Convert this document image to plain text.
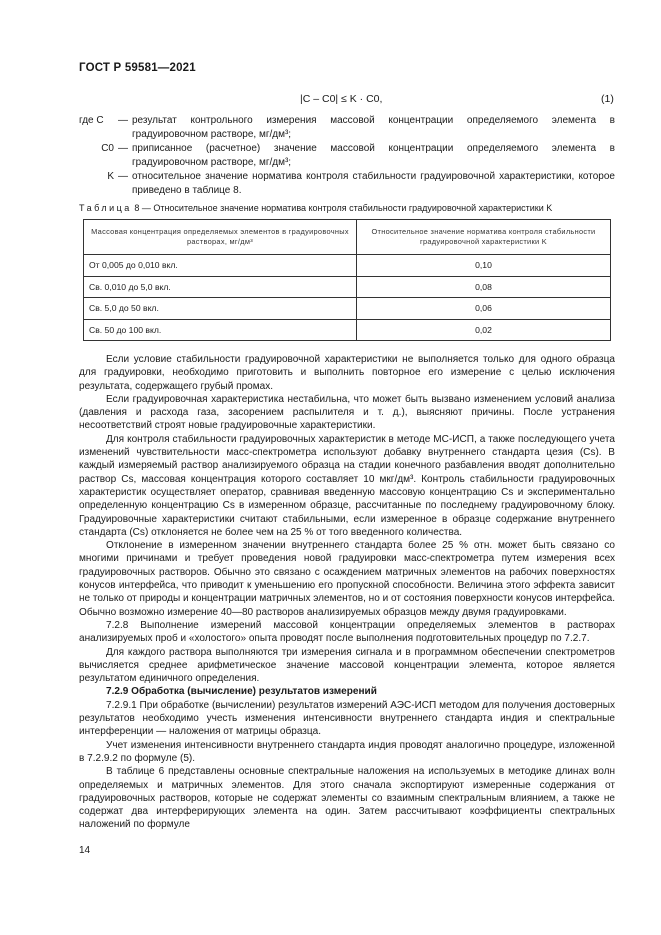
ГОСТ Р 59581—2021
|C – C0| ≤ K · C0,	(1)
где C	— результат контрольного измерения массовой концентрации определяемого элемента в градуировочном растворе, мг/дм³;
C0 — приписанное (расчетное) значение массовой концентрации определяемого элемента в градуировочном растворе, мг/дм³;
K — относительное значение норматива контроля стабильности градуировочной характеристики, которое приведено в таблице 8.
Таблица 8 — Относительное значение норматива контроля стабильности градуировочной характеристики K
Массовая концентрация определяемых элементов в градуировочных растворах, мг/дм³	Относительное значение норматива контроля стабильности градуировочной характеристики K
От 0,005 до 0,010 вкл.	0,10
Св. 0,010 до 5,0 вкл.	0,08
Св. 5,0 до 50 вкл.	0,06
Св. 50 до 100 вкл.	0,02

Если условие стабильности градуировочной характеристики не выполняется только для одного образца для градуировки, необходимо приготовить и выполнить повторное его измерение с целью исключения результата, содержащего грубый промах.

Если градуировочная характеристика нестабильна, что может быть вызвано изменением условий анализа (давления и расхода газа, засорением распылителя и т. д.), выясняют причины. После устранения несоответствий строят новые градуировочные характеристики.

Для контроля стабильности градуировочных характеристик в методе МС-ИСП, а также последующего учета изменений чувствительности масс-спектрометра используют добавку внутреннего стандарта цезия (Cs). В каждый измеряемый раствор анализируемого образца на стадии конечного разбавления вводят дополнительно раствор Cs, массовая концентрация которого составляет 10 мкг/дм³. Контроль стабильности градуировочных характеристик осуществляет оператор, сравнивая введенную массовую концентрацию Cs и экспериментально определенную концентрацию Cs в измеренном образце, рассчитанные по последнему градуировочному блоку. Градуировочные характеристики считают стабильными, если измеренное в образце содержание внутреннего стандарта (Cs) отклоняется не более чем на 25 % от того введенного количества.

Отклонение в измеренном значении внутреннего стандарта более 25 % отн. может быть связано со многими причинами и требует проведения новой градуировки масс-спектрометра путем измерения всех градуировочных растворов. Обычно это связано с осаждением матричных элементов на рабочих поверхностях конусов интерфейса, что приводит к уменьшению его пропускной способности. Величина этого эффекта зависит не только от природы и концентрации матричных элементов, но и от состояния поверхности конусов интерфейса. Обычно возможно измерение 40—80 растворов анализируемых образцов между двумя градуировками.

7.2.8 Выполнение измерений массовой концентрации определяемых элементов в растворах анализируемых проб и «холостого» опыта проводят после выполнения подготовительных процедур по 7.2.7.

Для каждого раствора выполняются три измерения сигнала и в программном обеспечении спектрометров вычисляется среднее арифметическое значение массовой концентрации элемента, которое является результатом единичного определения.

7.2.9 Обработка (вычисление) результатов измерений

7.2.9.1 При обработке (вычислении) результатов измерений АЭС-ИСП методом для получения достоверных результатов необходимо учесть изменения интенсивности внутреннего стандарта индия и спектральные интерференции — наложения от матрицы образца.

Учет изменения интенсивности внутреннего стандарта индия проводят аналогично процедуре, изложенной в 7.2.9.2 по формуле (5).

В таблице 6 представлены основные спектральные наложения на используемых в методике длинах волн определяемых и матричных элементов. Для этого сначала экспортируют измеренные содержания от градуировочных растворов, которые не содержат элементы со взаимным спектральным влиянием, а также не содержат два интерферирующих элемента на один. Затем рассчитывают коэффициенты спектральных наложений по формуле

14
